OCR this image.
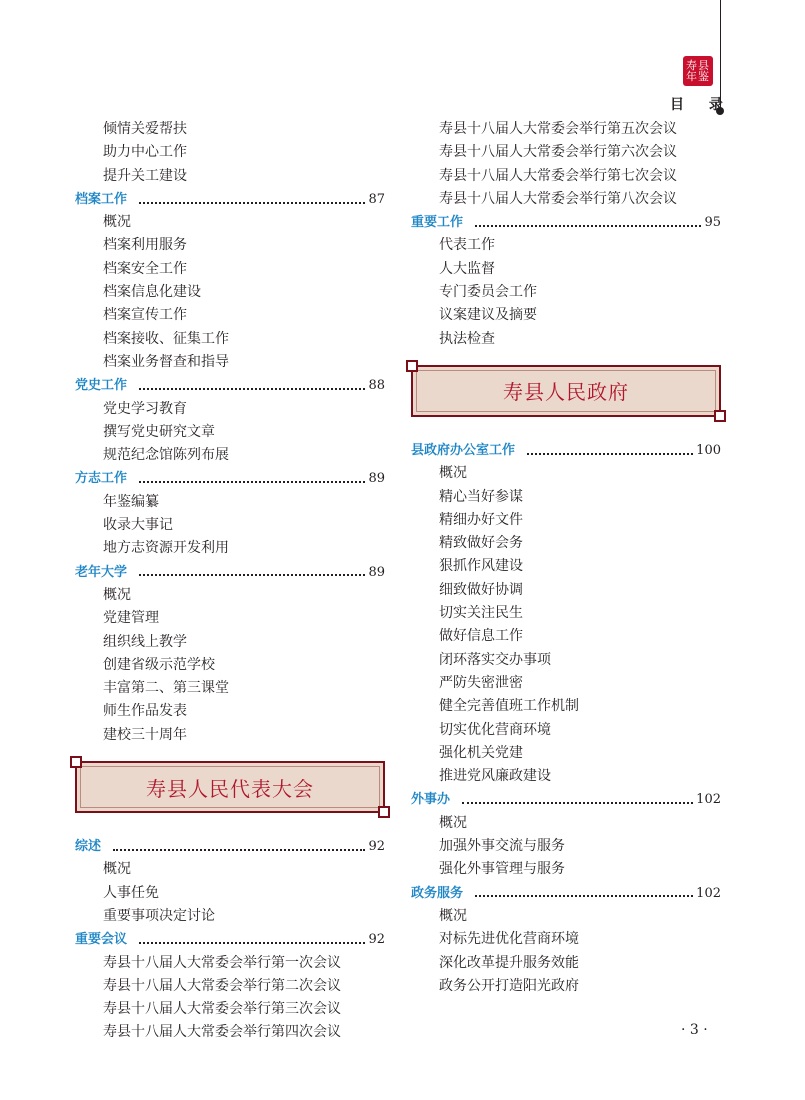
寿县年鉴
目 录
倾情关爱帮扶
助力中心工作
提升关工建设
档案工作	87
概况
档案利用服务
档案安全工作
档案信息化建设
档案宣传工作
档案接收、征集工作
档案业务督查和指导
党史工作	88
党史学习教育
撰写党史研究文章
规范纪念馆陈列布展
方志工作	89
年鉴编纂
收录大事记
地方志资源开发利用
老年大学	89
概况
党建管理
组织线上教学
创建省级示范学校
丰富第二、第三课堂
师生作品发表
建校三十周年
寿县人民代表大会
综述	92
概况
人事任免
重要事项决定讨论
重要会议	92
寿县十八届人大常委会举行第一次会议
寿县十八届人大常委会举行第二次会议
寿县十八届人大常委会举行第三次会议
寿县十八届人大常委会举行第四次会议
寿县十八届人大常委会举行第五次会议
寿县十八届人大常委会举行第六次会议
寿县十八届人大常委会举行第七次会议
寿县十八届人大常委会举行第八次会议
重要工作	95
代表工作
人大监督
专门委员会工作
议案建议及摘要
执法检查
寿县人民政府
县政府办公室工作	100
概况
精心当好参谋
精细办好文件
精致做好会务
狠抓作风建设
细致做好协调
切实关注民生
做好信息工作
闭环落实交办事项
严防失密泄密
健全完善值班工作机制
切实优化营商环境
强化机关党建
推进党风廉政建设
外事办	102
概况
加强外事交流与服务
强化外事管理与服务
政务服务	102
概况
对标先进优化营商环境
深化改革提升服务效能
政务公开打造阳光政府
· 3 ·
